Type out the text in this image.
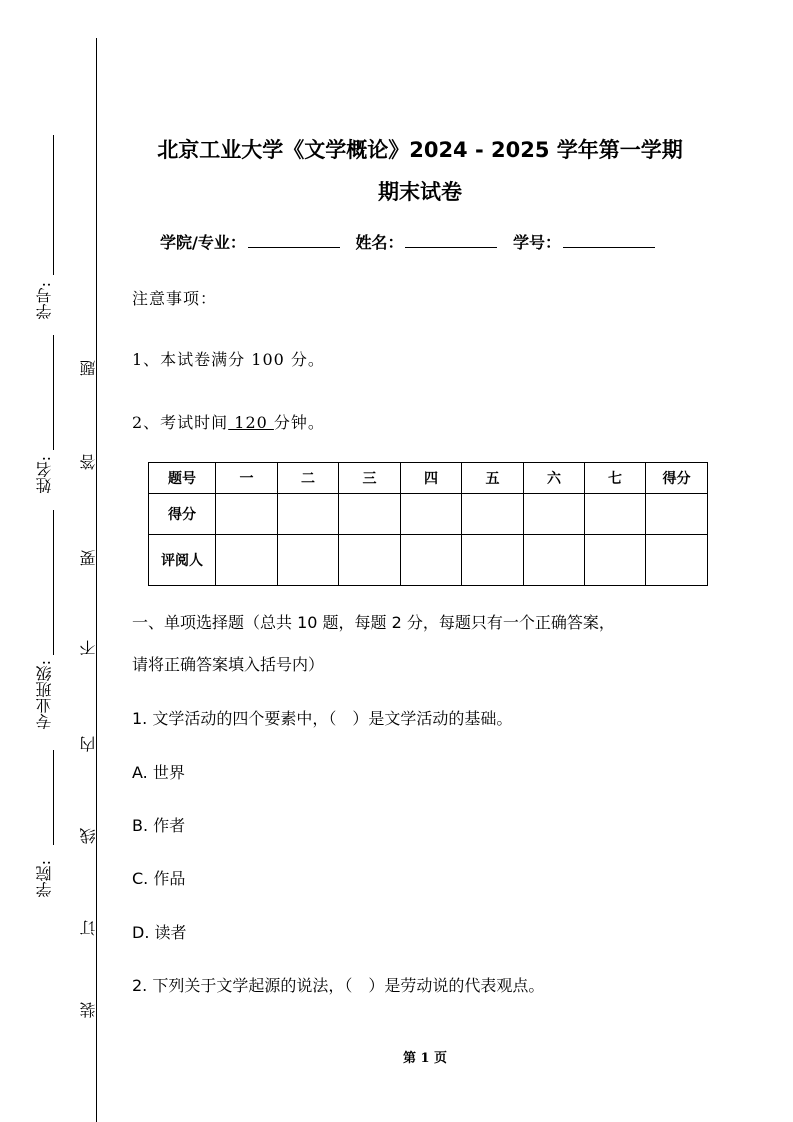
学号:
姓名:
专业班级:
学院:
题
答
要
不
内
线
订
装
北京工业大学《文学概论》2024 - 2025 学年第一学期
期末试卷
学院/专业：	姓名：	学号：
注意事项：
1、本试卷满分 100 分。
2、考试时间 120 分钟。
题号	一	二	三	四	五	六	七	得分
得分								
评阅人								
一、单项选择题（总共 10 题，每题 2 分，每题只有一个正确答案，
请将正确答案填入括号内）
1. 文学活动的四个要素中，（　）是文学活动的基础。
A. 世界
B. 作者
C. 作品
D. 读者
2. 下列关于文学起源的说法，（　）是劳动说的代表观点。
第 1 页
